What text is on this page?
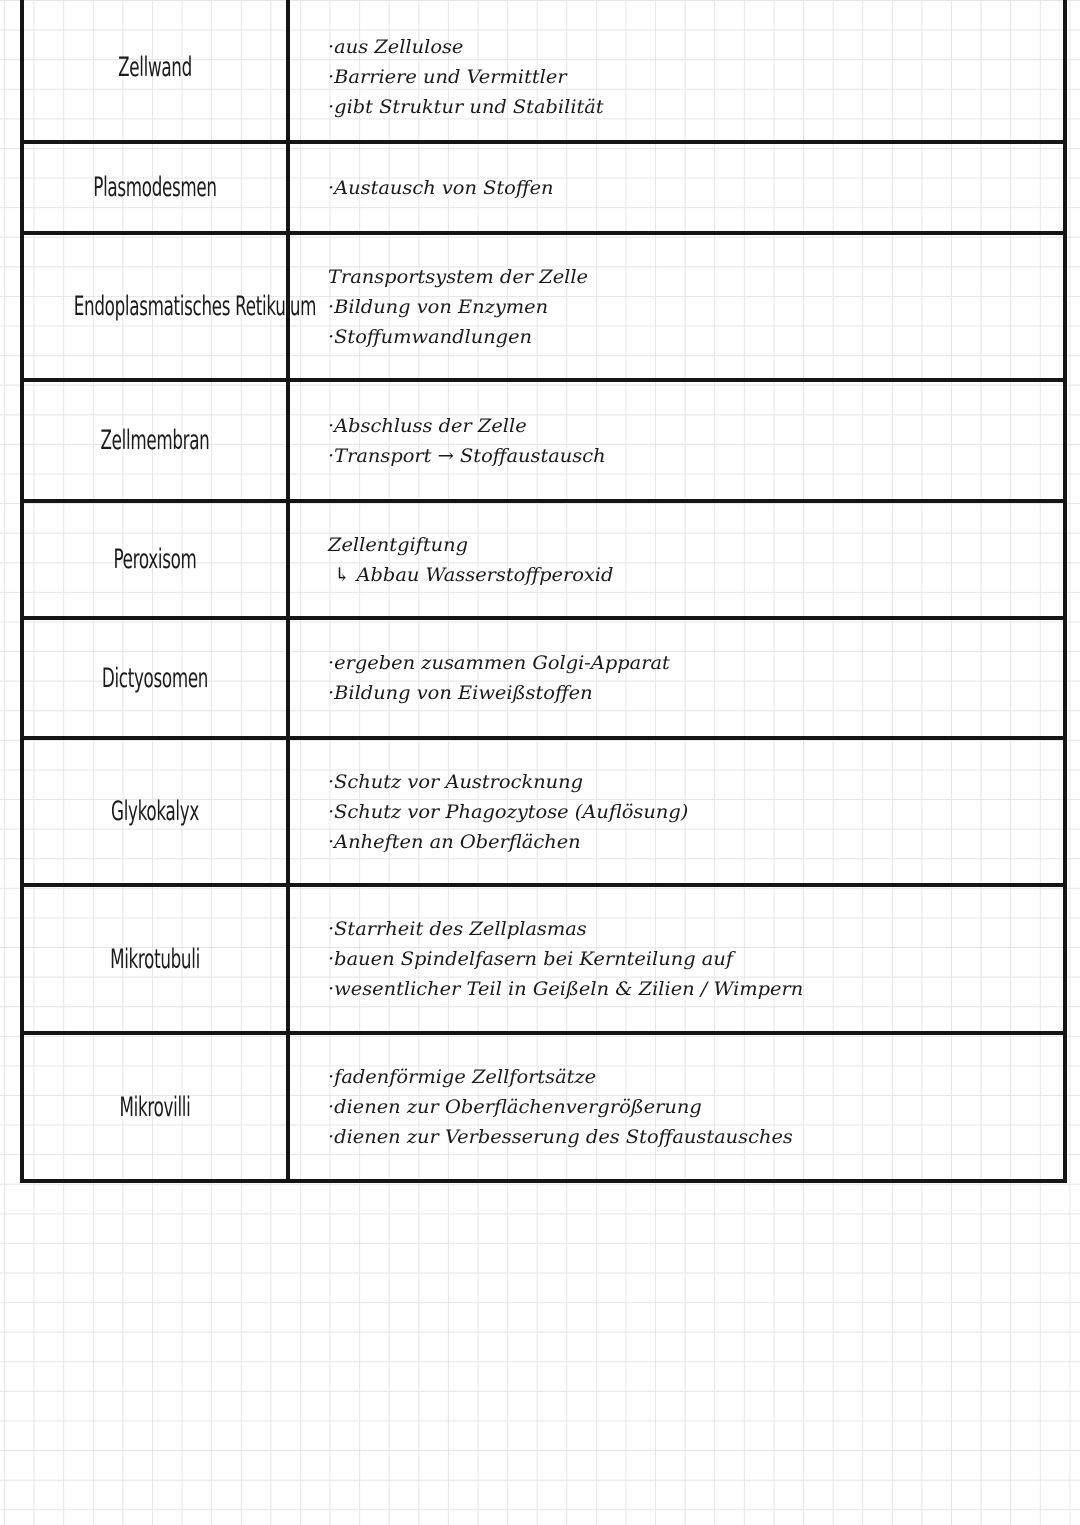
Zellwand	·aus Zellulose
·Barriere und Vermittler
·gibt Struktur und Stabilität

Plasmodesmen	·Austausch von Stoffen

Endoplasmatisches Retikulum	Transportsystem der Zelle
·Bildung von Enzymen
·Stoffumwandlungen

Zellmembran	·Abschluss der Zelle
·Transport → Stoffaustausch

Peroxisom	Zellentgiftung
↳ Abbau Wasserstoffperoxid

Dictyosomen	·ergeben zusammen Golgi-Apparat
·Bildung von Eiweißstoffen

Glykokalyx	·Schutz vor Austrocknung
·Schutz vor Phagozytose (Auflösung)
·Anheften an Oberflächen

Mikrotubuli	·Starrheit des Zellplasmas
·bauen Spindelfasern bei Kernteilung auf
·wesentlicher Teil in Geißeln & Zilien / Wimpern

Mikrovilli	·fadenförmige Zellfortsätze
·dienen zur Oberflächenvergrößerung
·dienen zur Verbesserung des Stoffaustausches
